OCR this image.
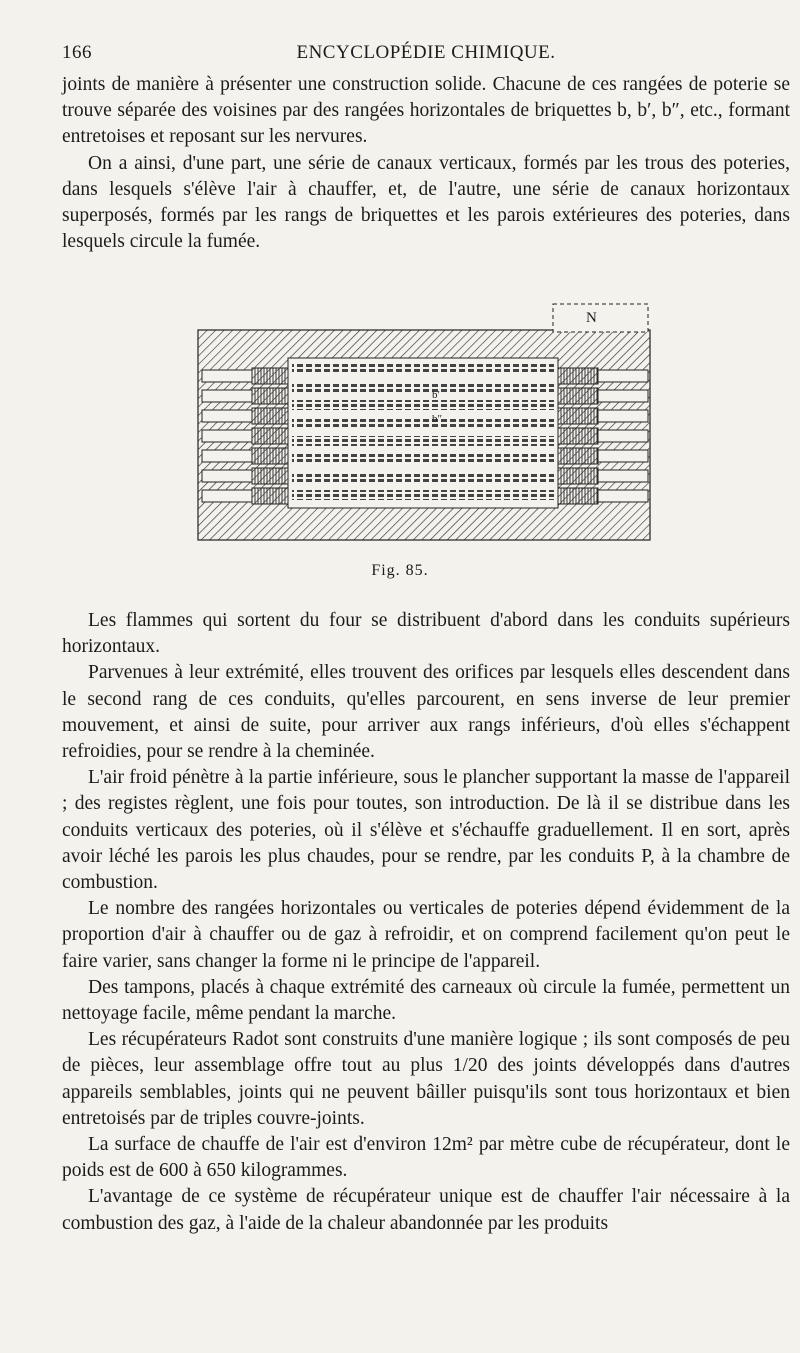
166	ENCYCLOPÉDIE CHIMIQUE.

joints de manière à présenter une construction solide. Chacune de ces rangées de poterie se trouve séparée des voisines par des rangées horizontales de briquettes b, b′, b″, etc., formant entretoises et reposant sur les nervures.

On a ainsi, d'une part, une série de canaux verticaux, formés par les trous des poteries, dans lesquels s'élève l'air à chauffer, et, de l'autre, une série de canaux horizontaux superposés, formés par les rangs de briquettes et les parois extérieures des poteries, dans lesquels circule la fumée.

N
b′
b″
Fig. 85.

Les flammes qui sortent du four se distribuent d'abord dans les conduits supérieurs horizontaux.

Parvenues à leur extrémité, elles trouvent des orifices par lesquels elles descendent dans le second rang de ces conduits, qu'elles parcourent, en sens inverse de leur premier mouvement, et ainsi de suite, pour arriver aux rangs inférieurs, d'où elles s'échappent refroidies, pour se rendre à la cheminée.

L'air froid pénètre à la partie inférieure, sous le plancher supportant la masse de l'appareil ; des registes règlent, une fois pour toutes, son introduction. De là il se distribue dans les conduits verticaux des poteries, où il s'élève et s'échauffe graduellement. Il en sort, après avoir léché les parois les plus chaudes, pour se rendre, par les conduits P, à la chambre de combustion.

Le nombre des rangées horizontales ou verticales de poteries dépend évidemment de la proportion d'air à chauffer ou de gaz à refroidir, et on comprend facilement qu'on peut le faire varier, sans changer la forme ni le principe de l'appareil.

Des tampons, placés à chaque extrémité des carneaux où circule la fumée, permettent un nettoyage facile, même pendant la marche.

Les récupérateurs Radot sont construits d'une manière logique ; ils sont composés de peu de pièces, leur assemblage offre tout au plus 1/20 des joints développés dans d'autres appareils semblables, joints qui ne peuvent bâiller puisqu'ils sont tous horizontaux et bien entretoisés par de triples couvre-joints.

La surface de chauffe de l'air est d'environ 12m² par mètre cube de récupérateur, dont le poids est de 600 à 650 kilogrammes.

L'avantage de ce système de récupérateur unique est de chauffer l'air nécessaire à la combustion des gaz, à l'aide de la chaleur abandonnée par les produits
